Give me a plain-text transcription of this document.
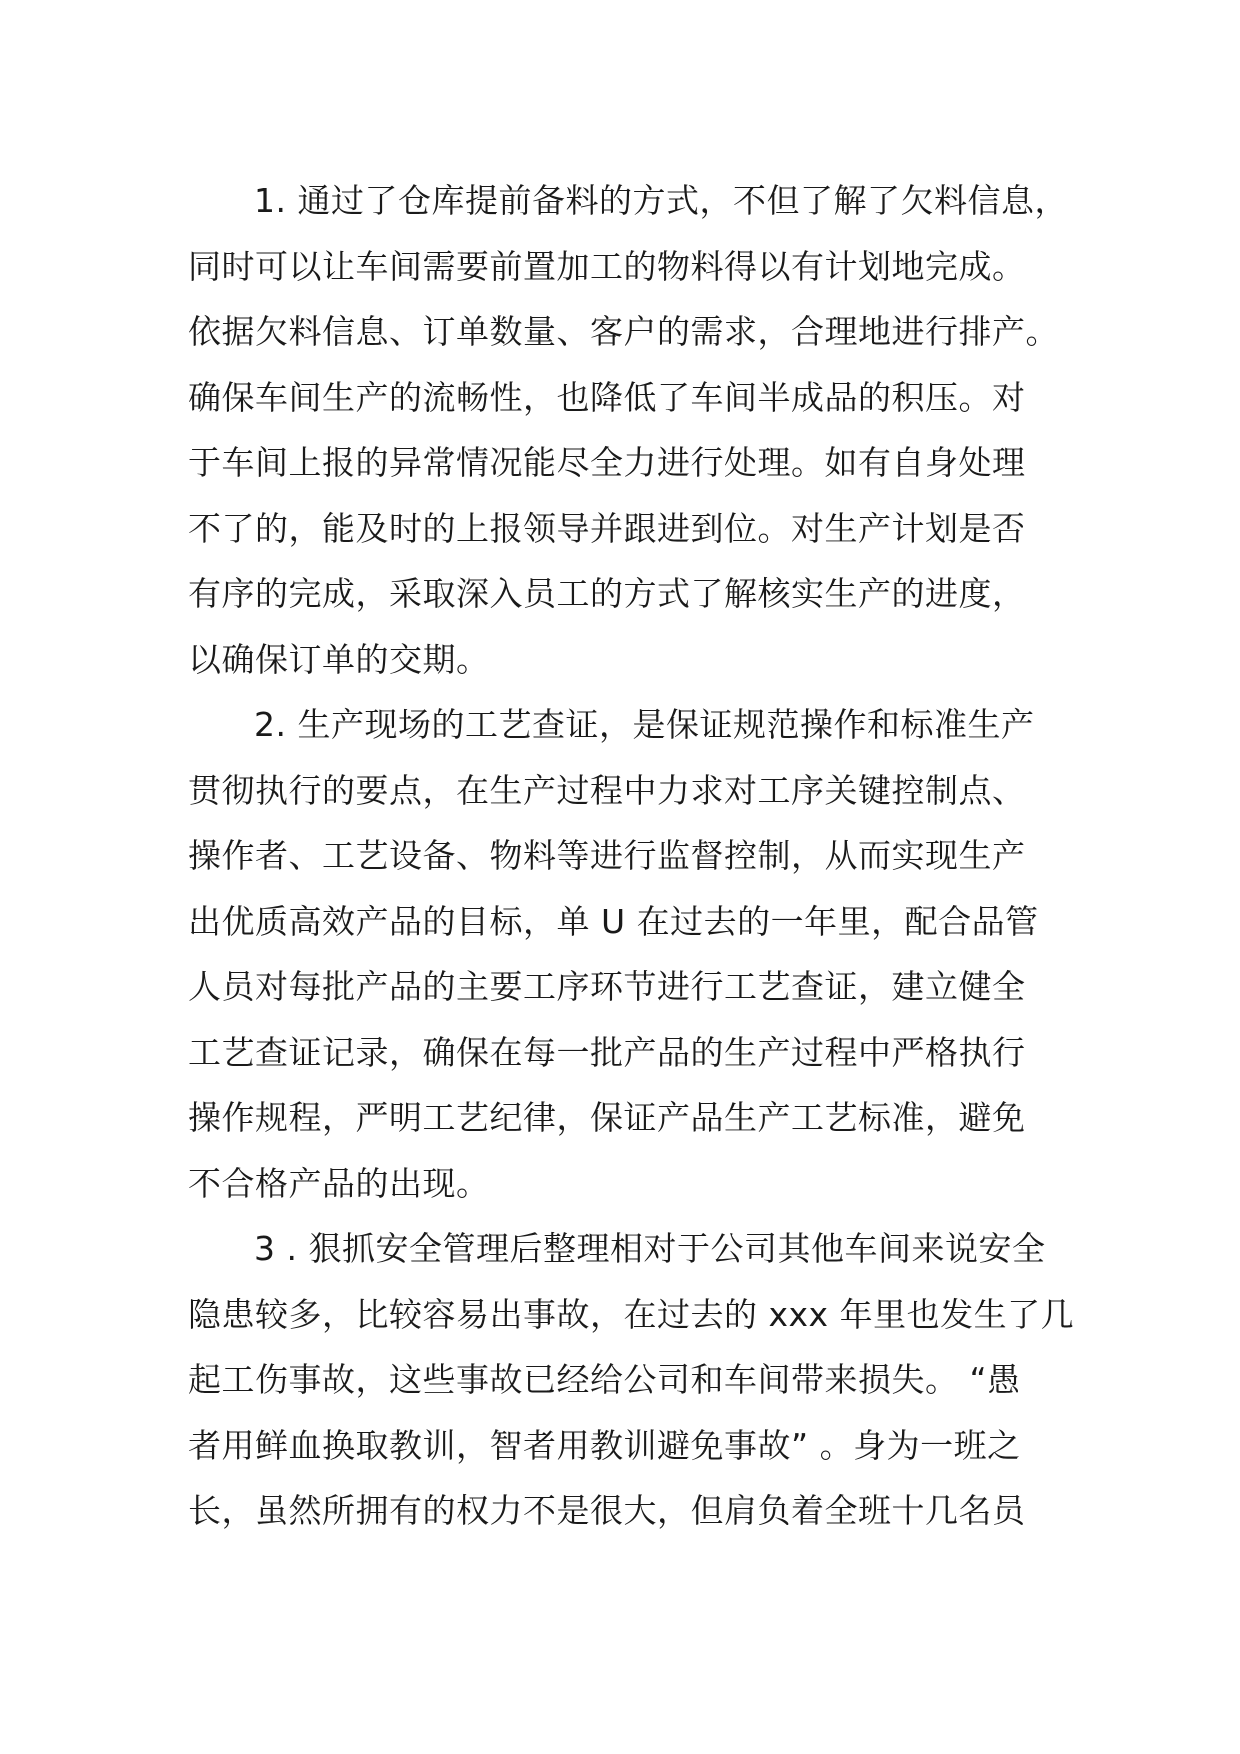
1. 通过了仓库提前备料的方式，不但了解了欠料信息，
同时可以让车间需要前置加工的物料得以有计划地完成。
依据欠料信息、订单数量、客户的需求，合理地进行排产。
确保车间生产的流畅性，也降低了车间半成品的积压。对
于车间上报的异常情况能尽全力进行处理。如有自身处理
不了的，能及时的上报领导并跟进到位。对生产计划是否
有序的完成，采取深入员工的方式了解核实生产的进度，
以确保订单的交期。
2. 生产现场的工艺查证，是保证规范操作和标准生产
贯彻执行的要点，在生产过程中力求对工序关键控制点、
操作者、工艺设备、物料等进行监督控制，从而实现生产
出优质高效产品的目标，单 U 在过去的一年里，配合品管
人员对每批产品的主要工序环节进行工艺查证，建立健全
工艺查证记录，确保在每一批产品的生产过程中严格执行
操作规程，严明工艺纪律，保证产品生产工艺标准，避免
不合格产品的出现。
3 . 狠抓安全管理后整理相对于公司其他车间来说安全
隐患较多，比较容易出事故，在过去的 xxx 年里也发生了几
起工伤事故，这些事故已经给公司和车间带来损失。 “愚
者用鲜血换取教训，智者用教训避免事故” 。身为一班之
长，虽然所拥有的权力不是很大，但肩负着全班十几名员
